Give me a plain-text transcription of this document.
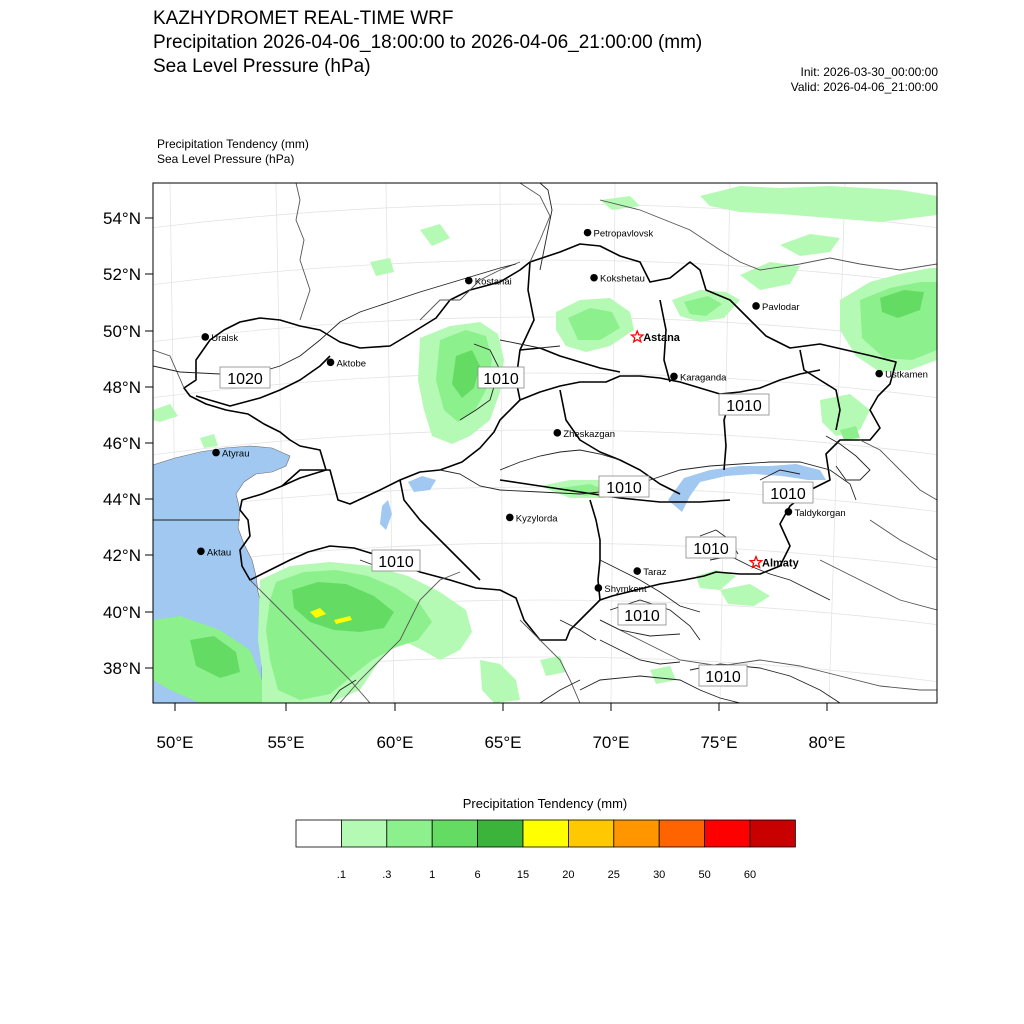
KAZHYDROMET REAL-TIME WRF
Precipitation 2026-04-06_18:00:00 to 2026-04-06_21:00:00 (mm)
Sea Level Pressure (hPa)	Init: 2026-03-30_00:00:00
Valid: 2026-04-06_21:00:00
Precipitation Tendency (mm)
Sea Level Pressure (hPa)
54°N
52°N
50°N
48°N
46°N
44°N
42°N
40°N
38°N
50°E	55°E	60°E	65°E	70°E	75°E	80°E
1020	1010
1010
1010	1010
1010
1010
1010
1010
Petropavlovsk
Kostanai	Kokshetau
Pavlodar
Uralsk	Astana
Aktobe
Ustkamen
Karaganda
Atyrau
Zheskazgan
Kyzylorda
Taldykorgan
Aktau
Almaty
Taraz
Shymkent
.1	.3	1	6	15	20	25	30	50	60
Precipitation Tendency (mm)
